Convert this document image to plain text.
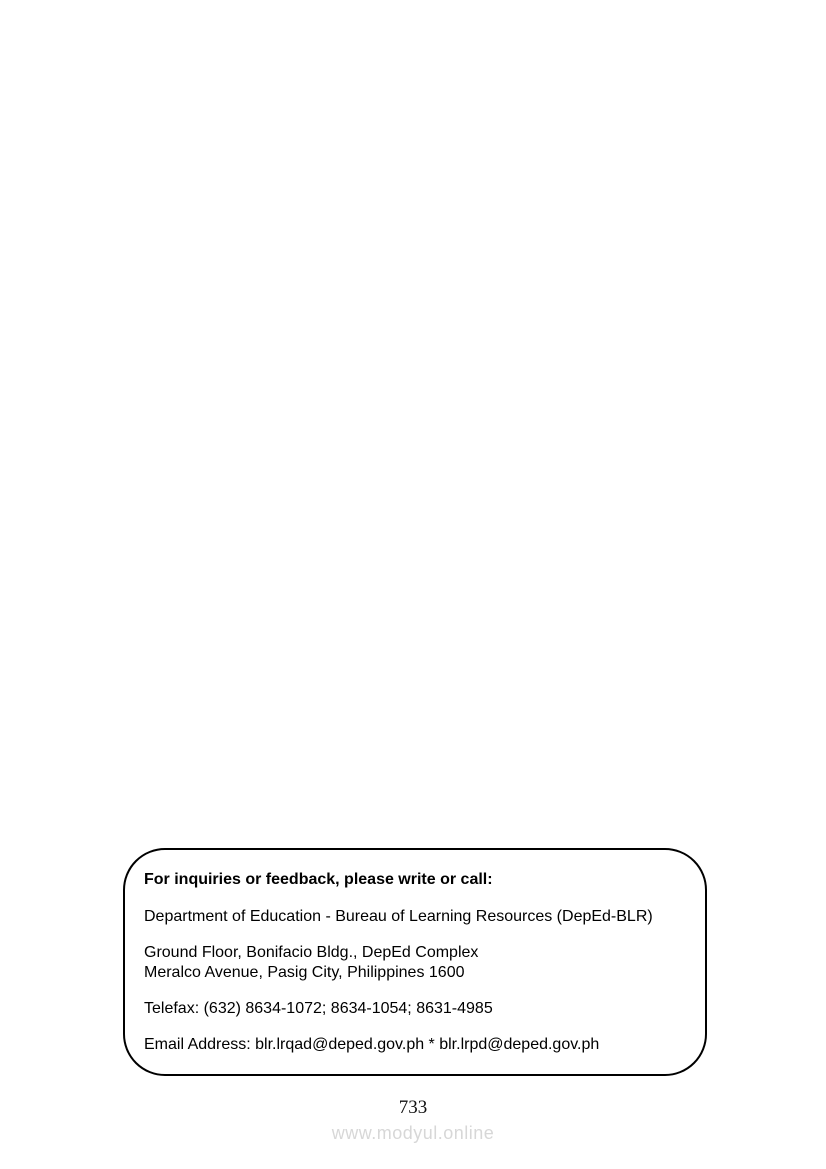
For inquiries or feedback, please write or call:

Department of Education - Bureau of Learning Resources (DepEd-BLR)

Ground Floor, Bonifacio Bldg., DepEd Complex
Meralco Avenue, Pasig City, Philippines 1600

Telefax: (632) 8634-1072; 8634-1054; 8631-4985

Email Address: blr.lrqad@deped.gov.ph * blr.lrpd@deped.gov.ph

733
www.modyul.online
